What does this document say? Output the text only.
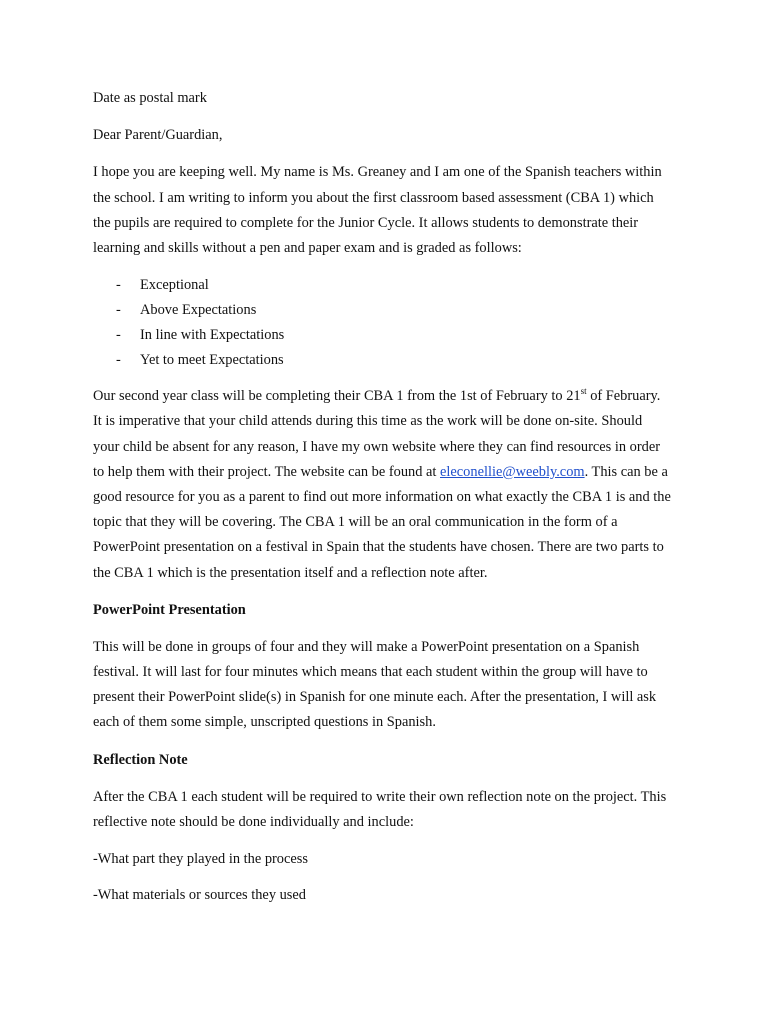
Date as postal mark

Dear Parent/Guardian,

I hope you are keeping well. My name is Ms. Greaney and I am one of the Spanish teachers within the school. I am writing to inform you about the first classroom based assessment (CBA 1) which the pupils are required to complete for the Junior Cycle. It allows students to demonstrate their learning and skills without a pen and paper exam and is graded as follows:

- Exceptional
- Above Expectations
- In line with Expectations
- Yet to meet Expectations

Our second year class will be completing their CBA 1 from the 1st of February to 21st of February. It is imperative that your child attends during this time as the work will be done on-site. Should your child be absent for any reason, I have my own website where they can find resources in order to help them with their project. The website can be found at eleconellie@weebly.com. This can be a good resource for you as a parent to find out more information on what exactly the CBA 1 is and the topic that they will be covering. The CBA 1 will be an oral communication in the form of a PowerPoint presentation on a festival in Spain that the students have chosen. There are two parts to the CBA 1 which is the presentation itself and a reflection note after.

PowerPoint Presentation

This will be done in groups of four and they will make a PowerPoint presentation on a Spanish festival. It will last for four minutes which means that each student within the group will have to present their PowerPoint slide(s) in Spanish for one minute each. After the presentation, I will ask each of them some simple, unscripted questions in Spanish.

Reflection Note

After the CBA 1 each student will be required to write their own reflection note on the project. This reflective note should be done individually and include:

-What part they played in the process

-What materials or sources they used
